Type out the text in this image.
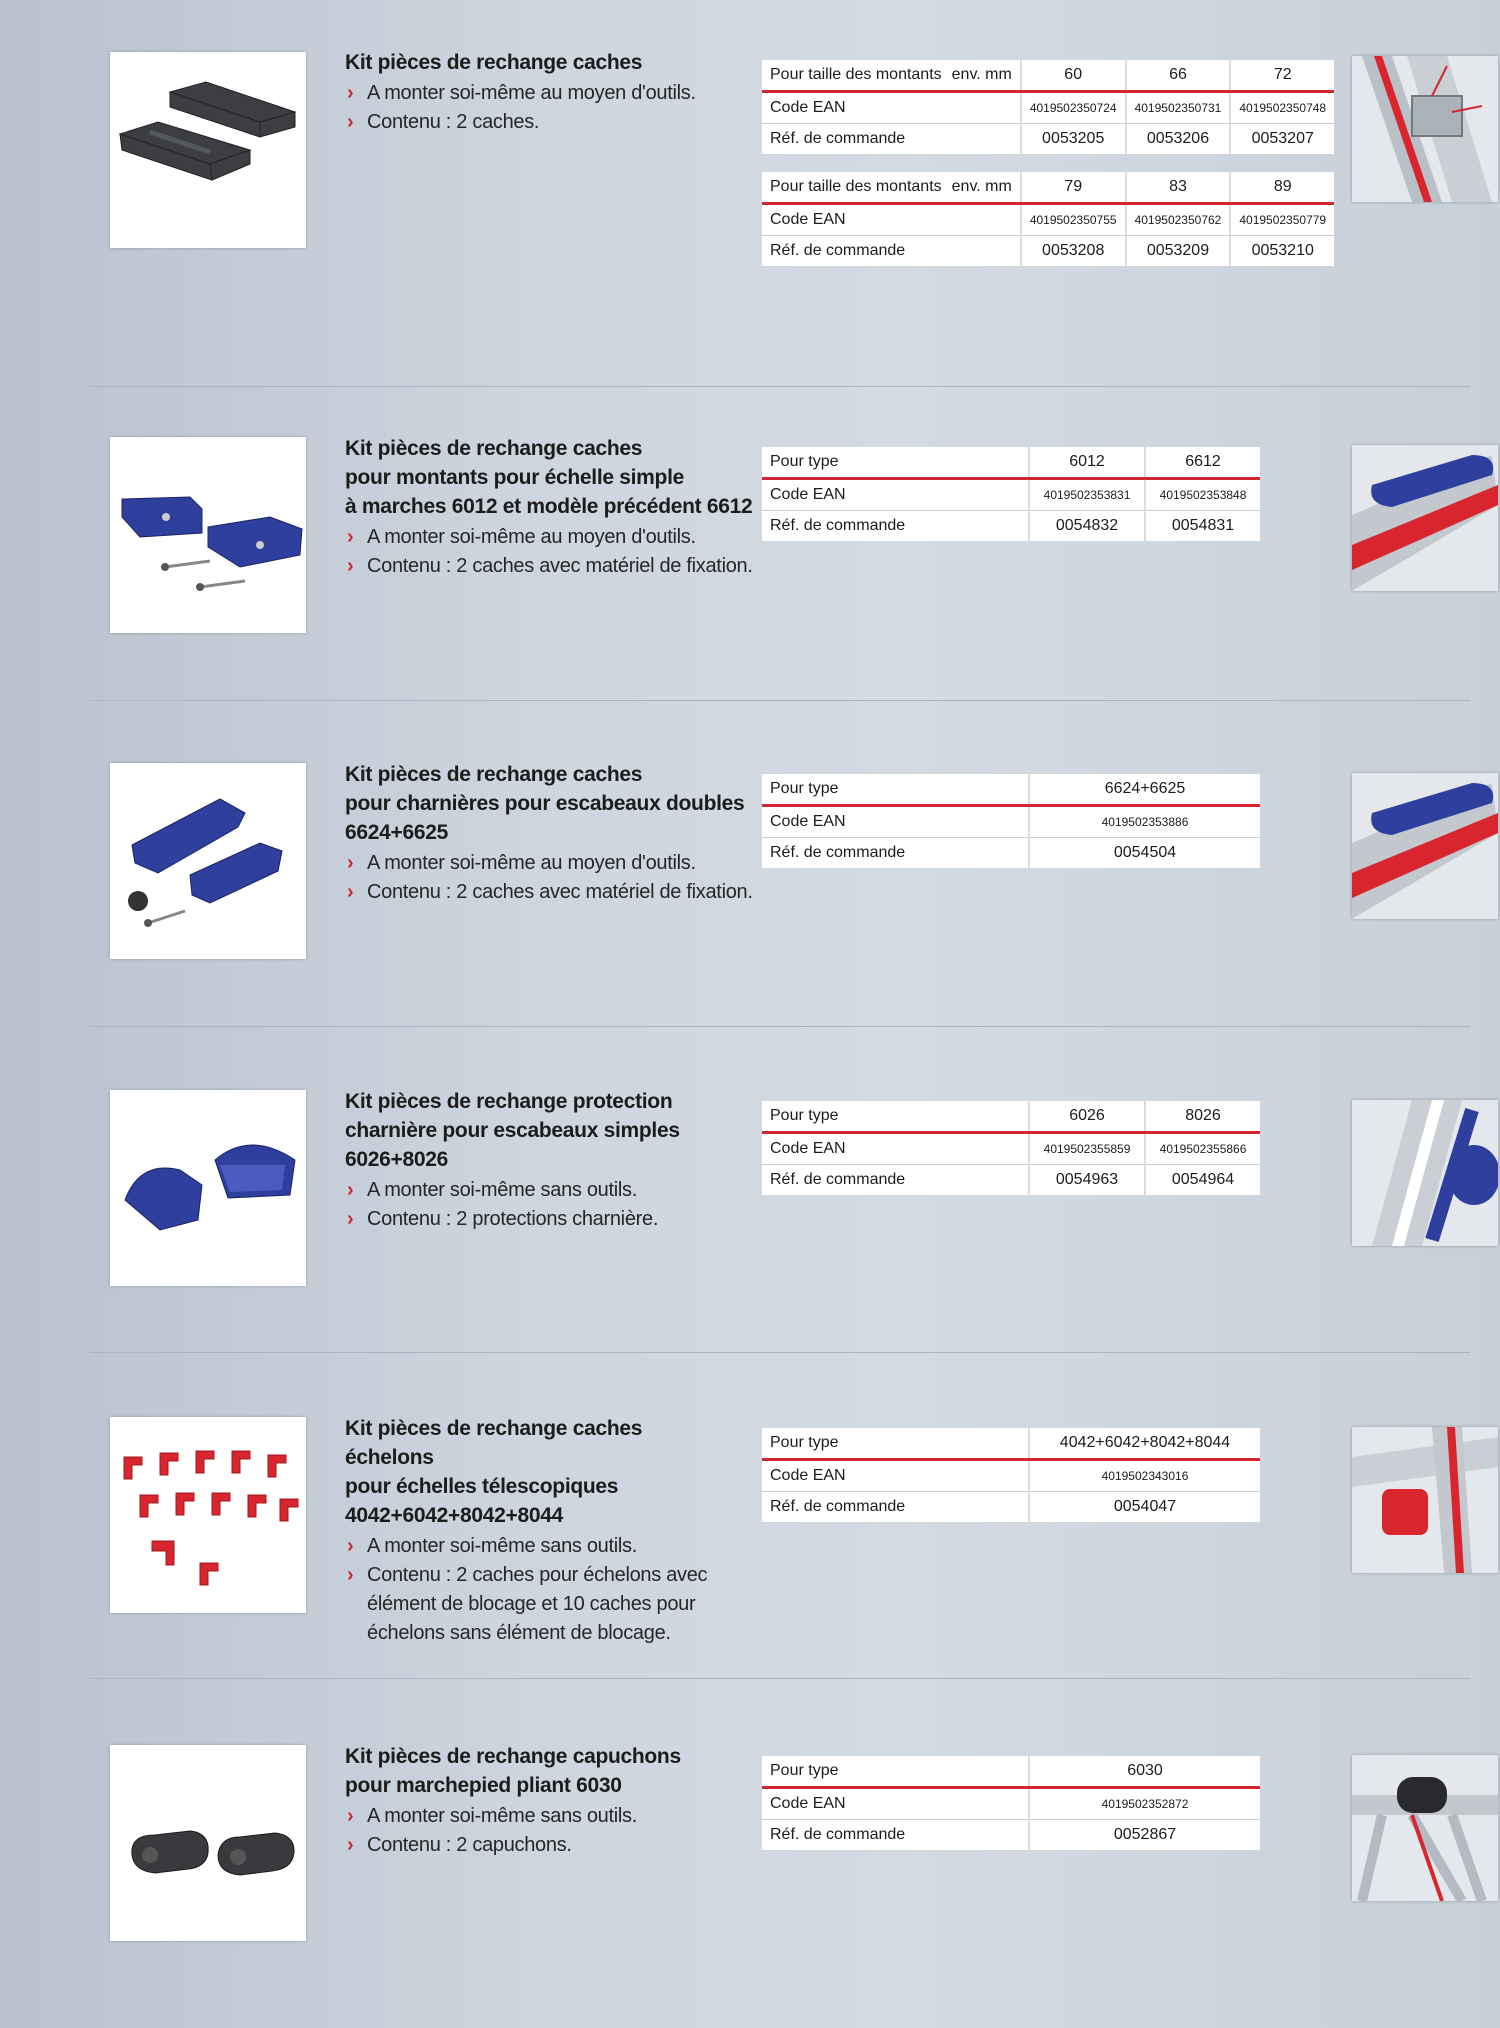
Kit pièces de rechange caches
› A monter soi-même au moyen d'outils.
› Contenu : 2 caches.
Pour taille des montants env. mm	60	66	72
Code EAN	4019502350724	4019502350731	4019502350748
Réf. de commande	0053205	0053206	0053207
Pour taille des montants env. mm	79	83	89
Code EAN	4019502350755	4019502350762	4019502350779
Réf. de commande	0053208	0053209	0053210
Kit pièces de rechange caches
pour montants pour échelle simple
à marches 6012 et modèle précédent 6612
› A monter soi-même au moyen d'outils.
› Contenu : 2 caches avec matériel de fixation.
Pour type	6012	6612
Code EAN	4019502353831	4019502353848
Réf. de commande	0054832	0054831
Kit pièces de rechange caches
pour charnières pour escabeaux doubles
6624+6625
› A monter soi-même au moyen d'outils.
› Contenu : 2 caches avec matériel de fixation.
Pour type	6624+6625
Code EAN	4019502353886
Réf. de commande	0054504
Kit pièces de rechange protection
charnière pour escabeaux simples
6026+8026
› A monter soi-même sans outils.
› Contenu : 2 protections charnière.
Pour type	6026	8026
Code EAN	4019502355859	4019502355866
Réf. de commande	0054963	0054964
Kit pièces de rechange caches échelons
pour échelles télescopiques
4042+6042+8042+8044
› A monter soi-même sans outils.
› Contenu : 2 caches pour échelons avec élément de blocage et 10 caches pour échelons sans élément de blocage.
Pour type	4042+6042+8042+8044
Code EAN	4019502343016
Réf. de commande	0054047
Kit pièces de rechange capuchons
pour marchepied pliant 6030
› A monter soi-même sans outils.
› Contenu : 2 capuchons.
Pour type	6030
Code EAN	4019502352872
Réf. de commande	0052867
